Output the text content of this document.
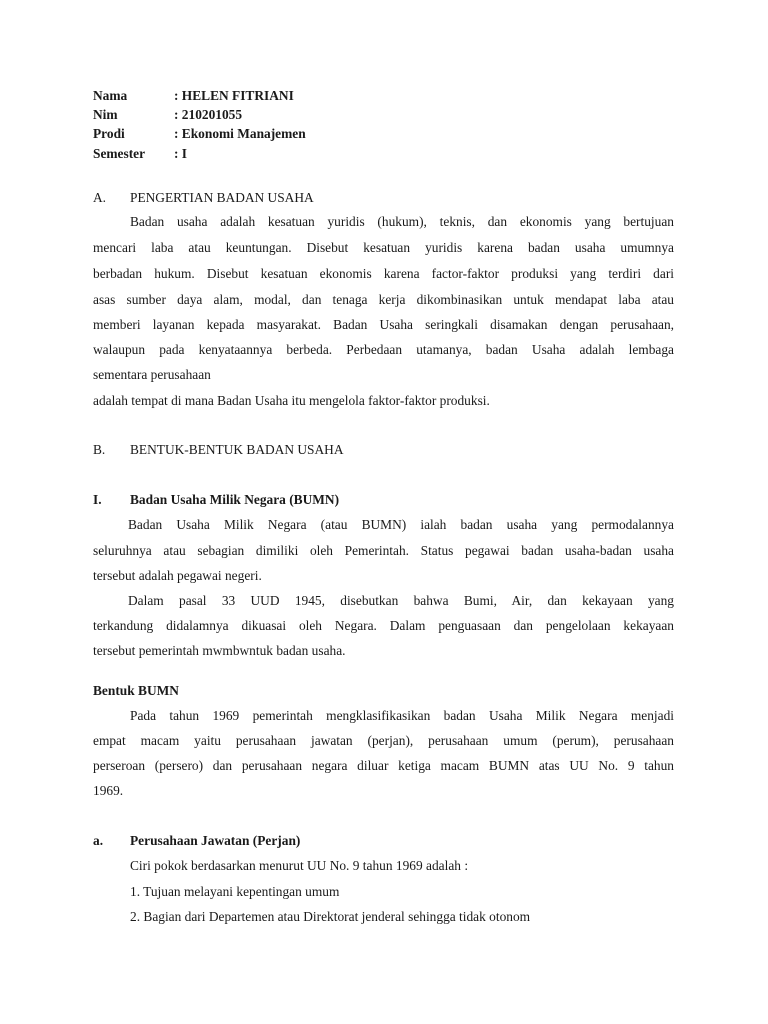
Nama	: HELEN FITRIANI
Nim	: 210201055
Prodi	: Ekonomi Manajemen
Semester : I
A. PENGERTIAN BADAN USAHA
Badan usaha adalah kesatuan yuridis (hukum), teknis, dan ekonomis yang bertujuan
mencari laba atau keuntungan. Disebut kesatuan yuridis karena badan usaha umumnya
berbadan hukum. Disebut kesatuan ekonomis karena factor-faktor produksi yang terdiri dari
asas sumber daya alam, modal, dan tenaga kerja dikombinasikan untuk mendapat laba atau
memberi layanan kepada masyarakat. Badan Usaha seringkali disamakan dengan perusahaan,
walaupun pada kenyataannya berbeda. Perbedaan utamanya, badan Usaha adalah lembaga
sementara perusahaan
adalah tempat di mana Badan Usaha itu mengelola faktor-faktor produksi.
B. BENTUK-BENTUK BADAN USAHA
I. Badan Usaha Milik Negara (BUMN)
Badan Usaha Milik Negara (atau BUMN) ialah badan usaha yang permodalannya
seluruhnya atau sebagian dimiliki oleh Pemerintah. Status pegawai badan usaha-badan usaha
tersebut adalah pegawai negeri.
Dalam pasal 33 UUD 1945, disebutkan bahwa Bumi, Air, dan kekayaan yang
terkandung didalamnya dikuasai oleh Negara. Dalam penguasaan dan pengelolaan kekayaan
tersebut pemerintah mwmbwntuk badan usaha.
Bentuk BUMN
Pada tahun 1969 pemerintah mengklasifikasikan badan Usaha Milik Negara menjadi
empat macam yaitu perusahaan jawatan (perjan), perusahaan umum (perum), perusahaan
perseroan (persero) dan perusahaan negara diluar ketiga macam BUMN atas UU No. 9 tahun
1969.
a. Perusahaan Jawatan (Perjan)
Ciri pokok berdasarkan menurut UU No. 9 tahun 1969 adalah :
1. Tujuan melayani kepentingan umum
2. Bagian dari Departemen atau Direktorat jenderal sehingga tidak otonom
